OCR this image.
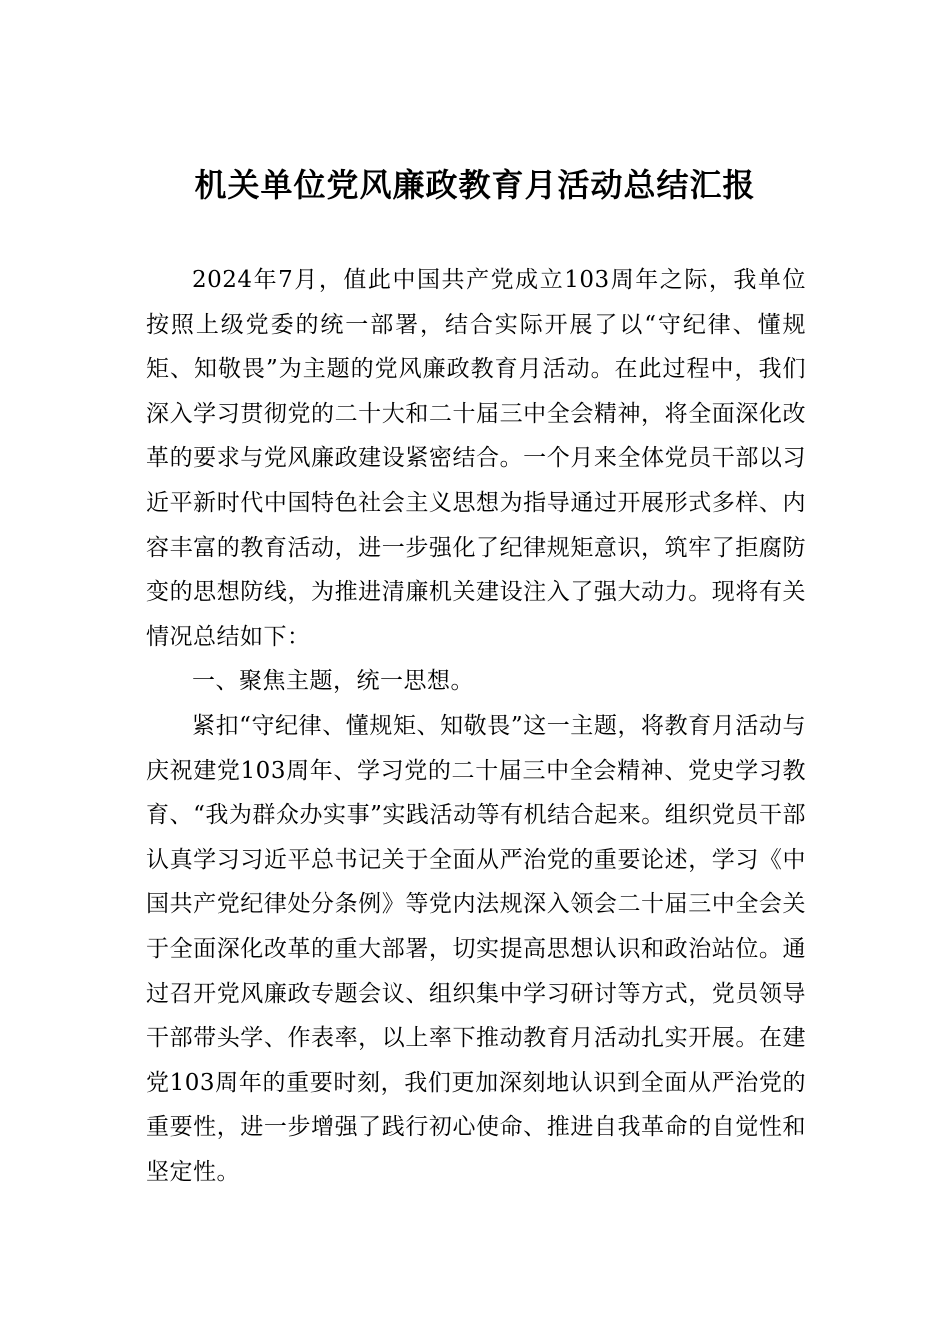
机关单位党风廉政教育月活动总结汇报

2024年7月，值此中国共产党成立103周年之际，我单位按照上级党委的统一部署，结合实际开展了以“守纪律、懂规矩、知敬畏”为主题的党风廉政教育月活动。在此过程中，我们深入学习贯彻党的二十大和二十届三中全会精神，将全面深化改革的要求与党风廉政建设紧密结合。一个月来全体党员干部以习近平新时代中国特色社会主义思想为指导通过开展形式多样、内容丰富的教育活动，进一步强化了纪律规矩意识，筑牢了拒腐防变的思想防线，为推进清廉机关建设注入了强大动力。现将有关情况总结如下：

一、聚焦主题，统一思想。

紧扣“守纪律、懂规矩、知敬畏”这一主题，将教育月活动与庆祝建党103周年、学习党的二十届三中全会精神、党史学习教育、“我为群众办实事”实践活动等有机结合起来。组织党员干部认真学习习近平总书记关于全面从严治党的重要论述，学习《中国共产党纪律处分条例》等党内法规深入领会二十届三中全会关于全面深化改革的重大部署，切实提高思想认识和政治站位。通过召开党风廉政专题会议、组织集中学习研讨等方式，党员领导干部带头学、作表率，以上率下推动教育月活动扎实开展。在建党103周年的重要时刻，我们更加深刻地认识到全面从严治党的重要性，进一步增强了践行初心使命、推进自我革命的自觉性和坚定性。
